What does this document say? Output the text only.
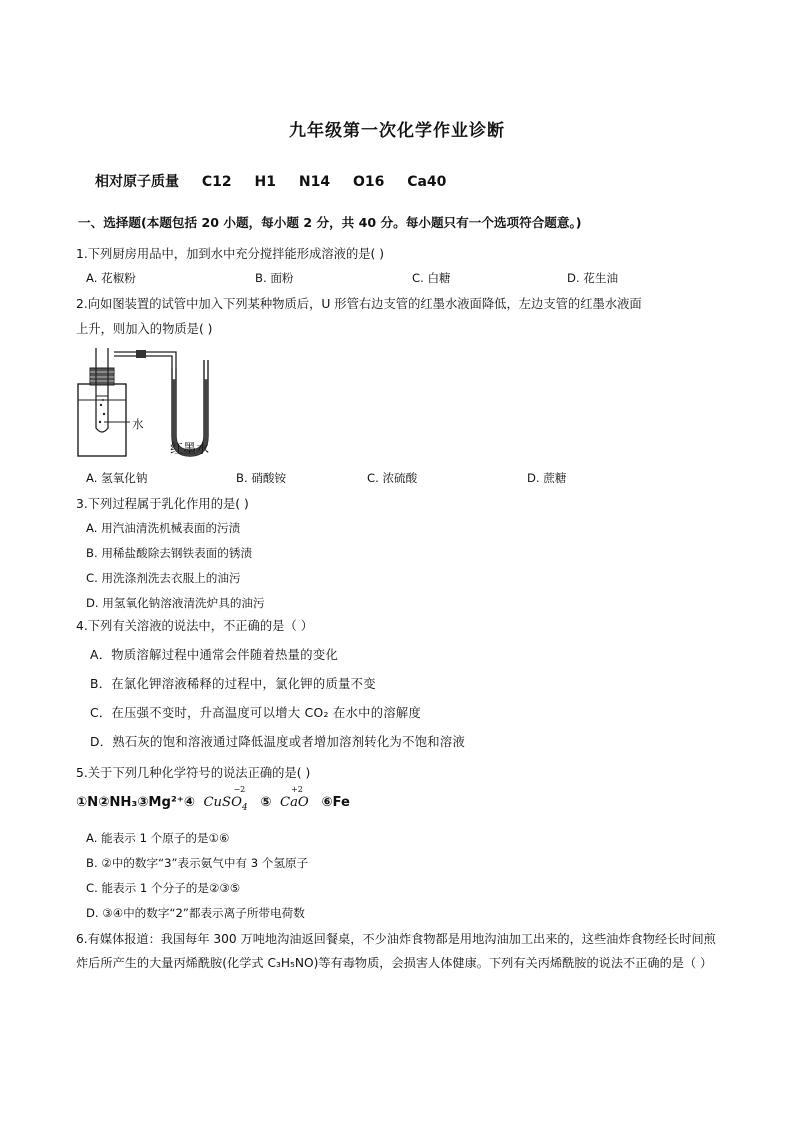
九年级第一次化学作业诊断
相对原子质量 C12 H1 N14 O16 Ca40
一、选择题(本题包括 20 小题，每小题 2 分，共 40 分。每小题只有一个选项符合题意。)
1.下列厨房用品中，加到水中充分搅拌能形成溶液的是( )
A. 花椒粉	B. 面粉	C. 白糖	D. 花生油
2.向如图装置的试管中加入下列某种物质后，U 形管右边支管的红墨水液面降低，左边支管的红墨水液面
上升，则加入的物质是( )
水
红墨水
A. 氢氧化钠	B. 硝酸铵	C. 浓硫酸	D. 蔗糖
3.下列过程属于乳化作用的是( )
A. 用汽油清洗机械表面的污渍
B. 用稀盐酸除去钢铁表面的锈渍
C. 用洗涤剂洗去衣服上的油污
D. 用氢氧化钠溶液清洗炉具的油污
4.下列有关溶液的说法中，不正确的是（ ）
A．物质溶解过程中通常会伴随着热量的变化
B．在氯化钾溶液稀释的过程中，氯化钾的质量不变
C．在压强不变时，升高温度可以增大 CO₂ 在水中的溶解度
D．熟石灰的饱和溶液通过降低温度或者增加溶剂转化为不饱和溶液
5.关于下列几种化学符号的说法正确的是( )
①N②NH₃③Mg²⁺④ CuSO$_4$
−2
⑤ CaO
+2
⑥Fe
A. 能表示 1 个原子的是①⑥
B. ②中的数字“3”表示氨气中有 3 个氢原子
C. 能表示 1 个分子的是②③⑤
D. ③④中的数字“2”都表示离子所带电荷数
6.有媒体报道：我国每年 300 万吨地沟油返回餐桌，不少油炸食物都是用地沟油加工出来的，这些油炸食物经长时间煎炸后所产生的大量丙烯酰胺(化学式 C₃H₅NO)等有毒物质，会损害人体健康。下列有关丙烯酰胺的说法不正确的是（ ）
